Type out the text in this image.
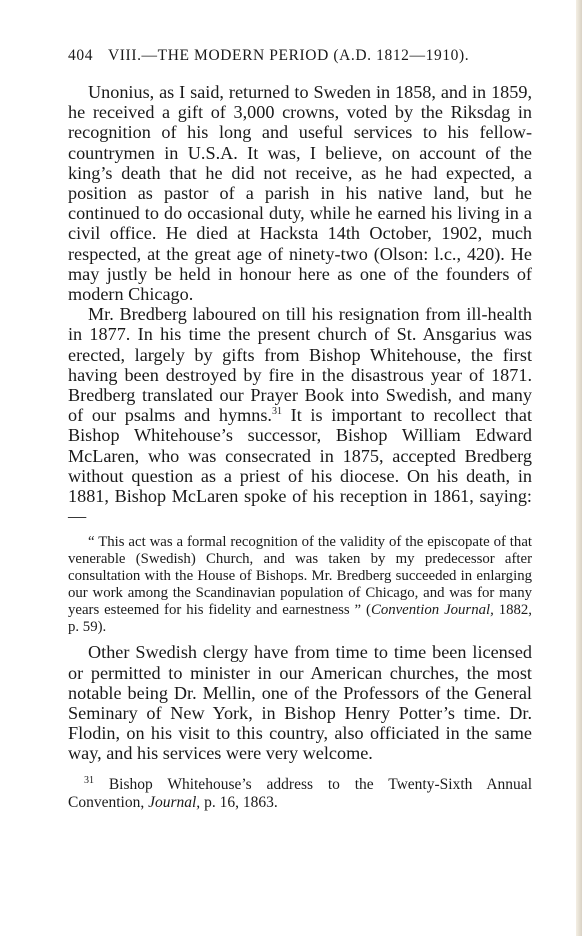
404 VIII.—THE MODERN PERIOD (A.D. 1812—1910).

Unonius, as I said, returned to Sweden in 1858, and in 1859, he received a gift of 3,000 crowns, voted by the Riksdag in recognition of his long and useful services to his fellow-countrymen in U.S.A. It was, I believe, on account of the king’s death that he did not receive, as he had expected, a position as pastor of a parish in his native land, but he continued to do occasional duty, while he earned his living in a civil office. He died at Hacksta 14th October, 1902, much respected, at the great age of ninety-two (Olson: l.c., 420). He may justly be held in honour here as one of the founders of modern Chicago.

Mr. Bredberg laboured on till his resignation from ill-health in 1877. In his time the present church of St. Ansgarius was erected, largely by gifts from Bishop Whitehouse, the first having been destroyed by fire in the disastrous year of 1871. Bredberg translated our Prayer Book into Swedish, and many of our psalms and hymns.$^{31}$ It is important to recollect that Bishop Whitehouse’s successor, Bishop William Edward McLaren, who was consecrated in 1875, accepted Bredberg without question as a priest of his diocese. On his death, in 1881, Bishop McLaren spoke of his reception in 1861, saying:—

“ This act was a formal recognition of the validity of the episcopate of that venerable (Swedish) Church, and was taken by my predecessor after consultation with the House of Bishops. Mr. Bredberg succeeded in enlarging our work among the Scandinavian population of Chicago, and was for many years esteemed for his fidelity and earnestness ” (Convention Journal, 1882, p. 59).

Other Swedish clergy have from time to time been licensed or permitted to minister in our American churches, the most notable being Dr. Mellin, one of the Professors of the General Seminary of New York, in Bishop Henry Potter’s time. Dr. Flodin, on his visit to this country, also officiated in the same way, and his services were very welcome.

$^{31}$ Bishop Whitehouse’s address to the Twenty-Sixth Annual Convention, Journal, p. 16, 1863.
